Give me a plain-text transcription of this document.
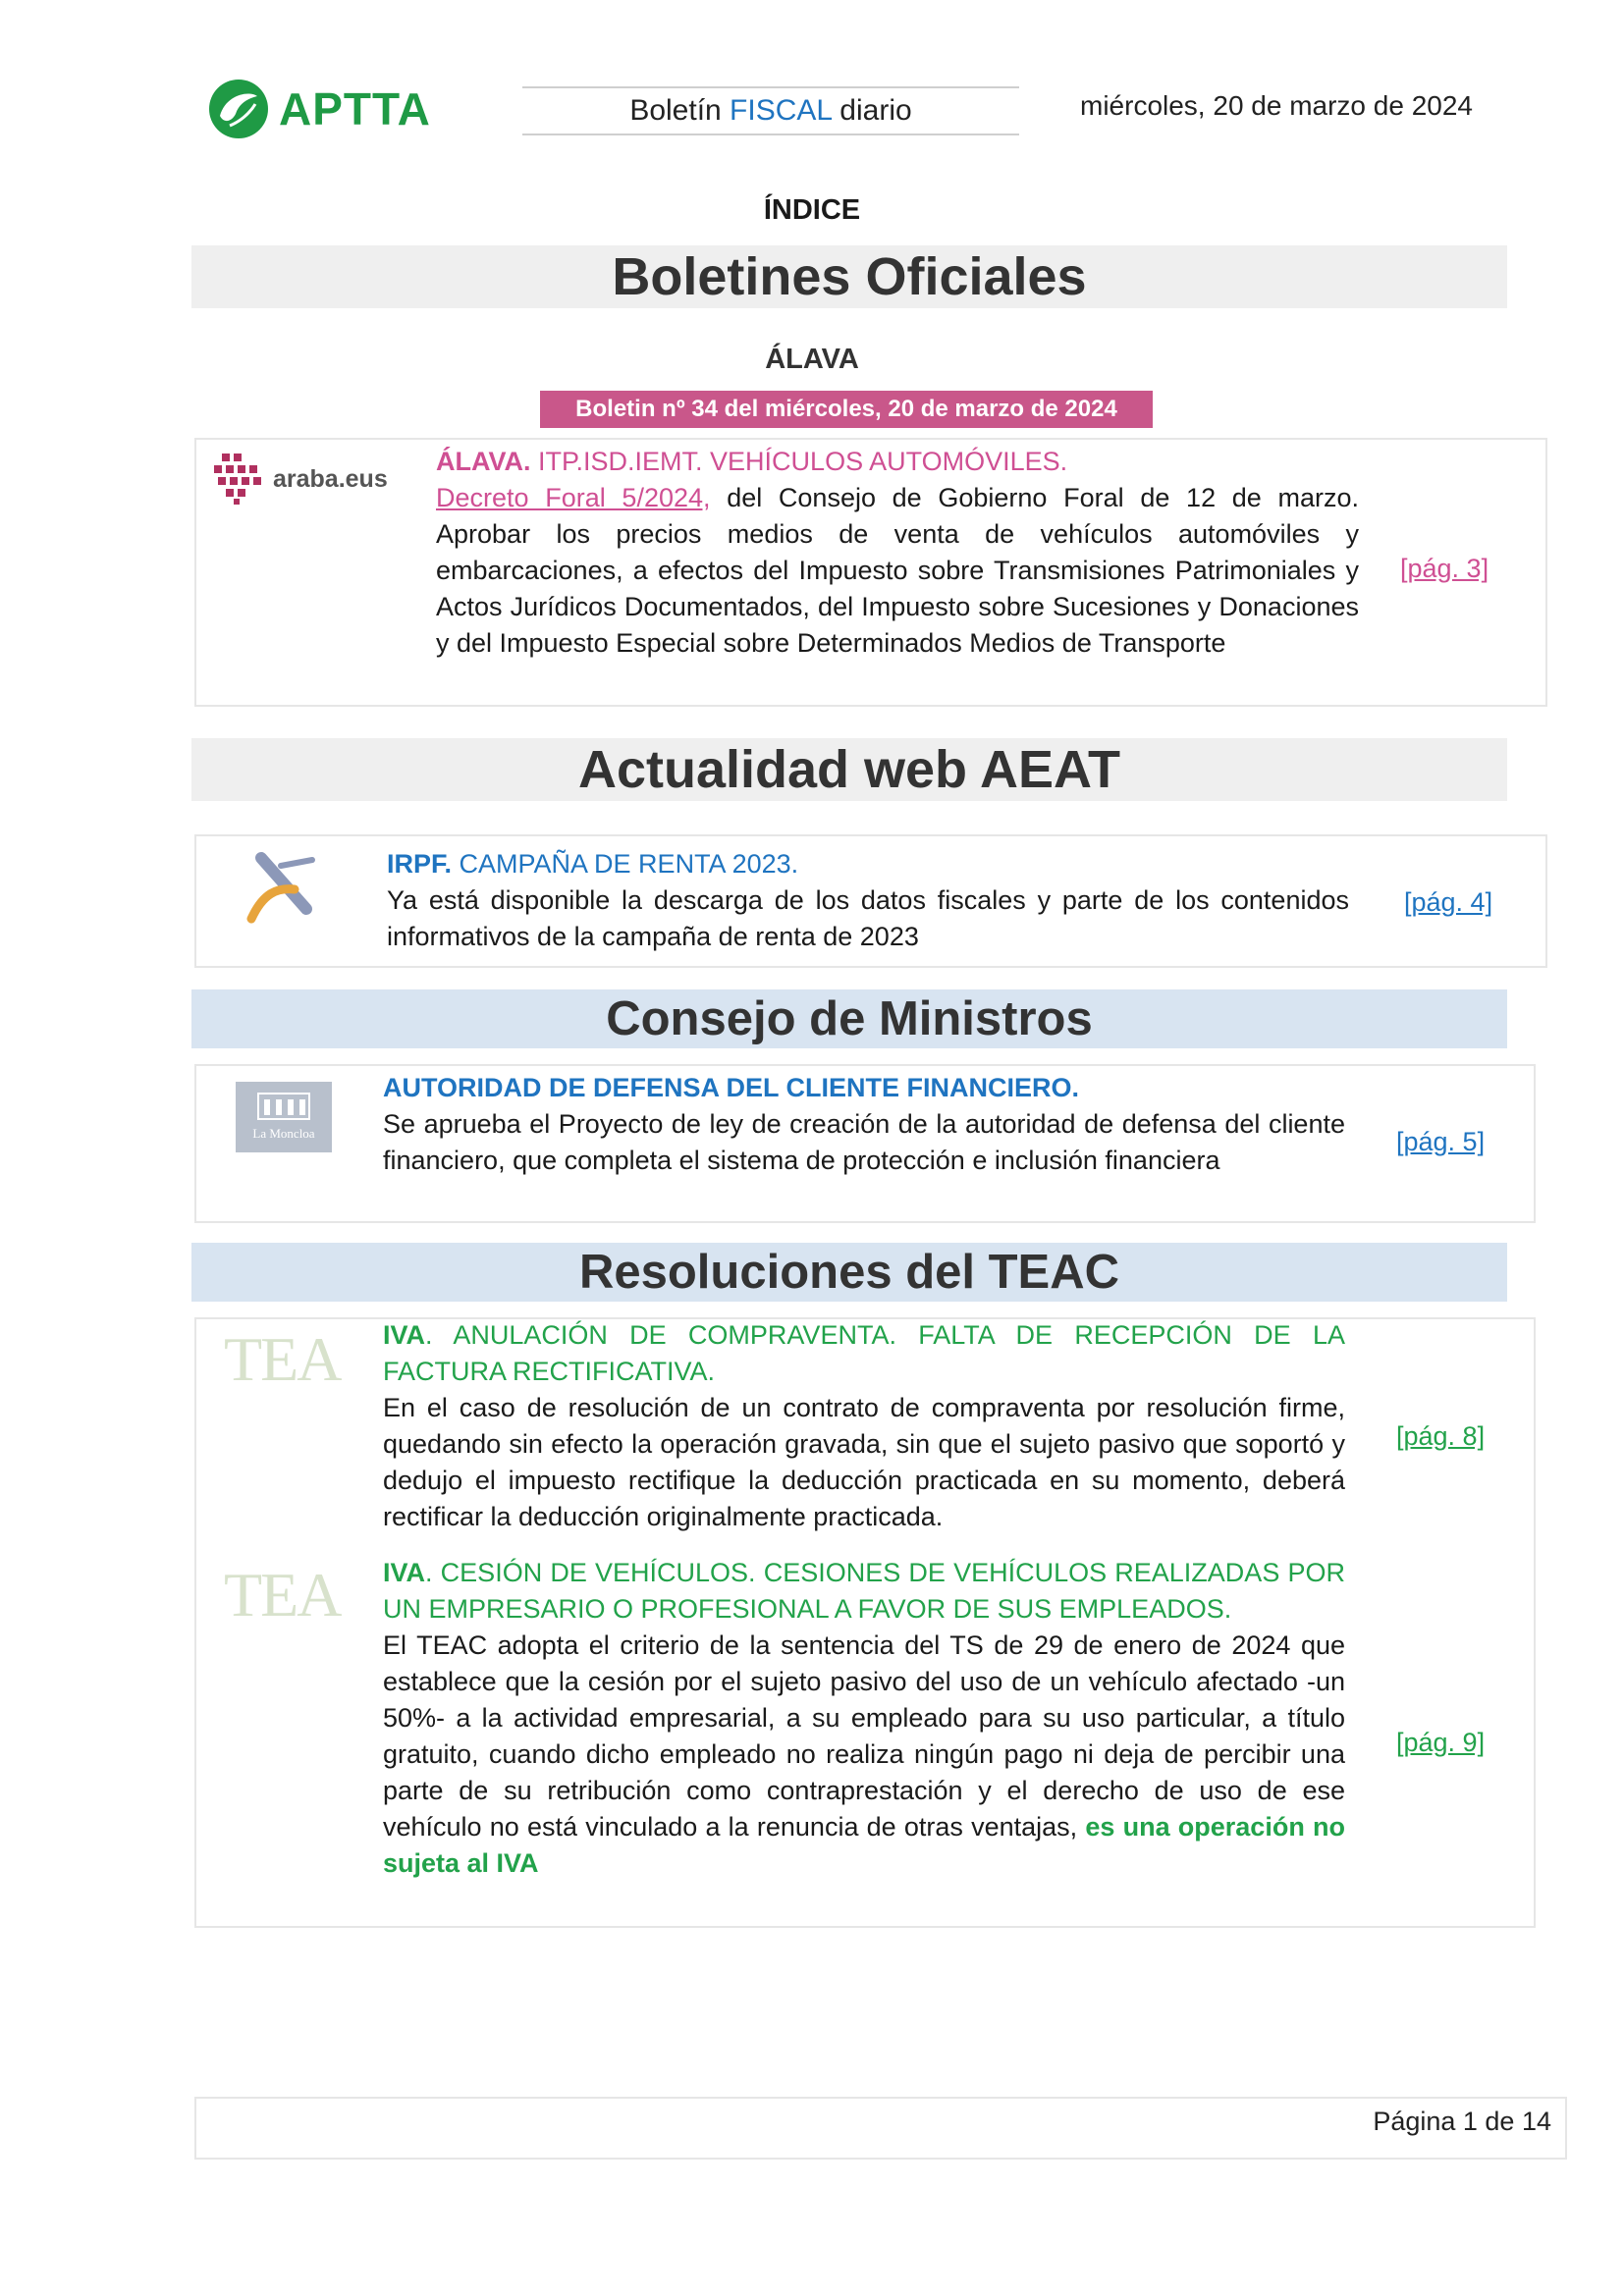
APTTA	Boletín FISCAL diario	miércoles, 20 de marzo de 2024
ÍNDICE
Boletines Oficiales
ÁLAVA
Boletin nº 34 del miércoles, 20 de marzo de 2024
araba.eus
ÁLAVA. ITP.ISD.IEMT. VEHÍCULOS AUTOMÓVILES.
Decreto Foral 5/2024, del Consejo de Gobierno Foral de 12 de marzo. Aprobar los precios medios de venta de vehículos automóviles y embarcaciones, a efectos del Impuesto sobre Transmisiones Patrimoniales y Actos Jurídicos Documentados, del Impuesto sobre Sucesiones y Donaciones y del Impuesto Especial sobre Determinados Medios de Transporte
[pág. 3]
Actualidad web AEAT
IRPF. CAMPAÑA DE RENTA 2023.
Ya está disponible la descarga de los datos fiscales y parte de los contenidos informativos de la campaña de renta de 2023
[pág. 4]
Consejo de Ministros
La Moncloa
AUTORIDAD DE DEFENSA DEL CLIENTE FINANCIERO.
Se aprueba el Proyecto de ley de creación de la autoridad de defensa del cliente financiero, que completa el sistema de protección e inclusión financiera
[pág. 5]
Resoluciones del TEAC
TEA IVA. ANULACIÓN DE COMPRAVENTA. FALTA DE RECEPCIÓN DE LA FACTURA RECTIFICATIVA.
En el caso de resolución de un contrato de compraventa por resolución firme, quedando sin efecto la operación gravada, sin que el sujeto pasivo que soportó y dedujo el impuesto rectifique la deducción practicada en su momento, deberá rectificar la deducción originalmente practicada.
[pág. 8]
TEA IVA. CESIÓN DE VEHÍCULOS. CESIONES DE VEHÍCULOS REALIZADAS POR UN EMPRESARIO O PROFESIONAL A FAVOR DE SUS EMPLEADOS.
El TEAC adopta el criterio de la sentencia del TS de 29 de enero de 2024 que establece que la cesión por el sujeto pasivo del uso de un vehículo afectado -un 50%- a la actividad empresarial, a su empleado para su uso particular, a título gratuito, cuando dicho empleado no realiza ningún pago ni deja de percibir una parte de su retribución como contraprestación y el derecho de uso de ese vehículo no está vinculado a la renuncia de otras ventajas, es una operación no sujeta al IVA
[pág. 9]
Página 1 de 14
